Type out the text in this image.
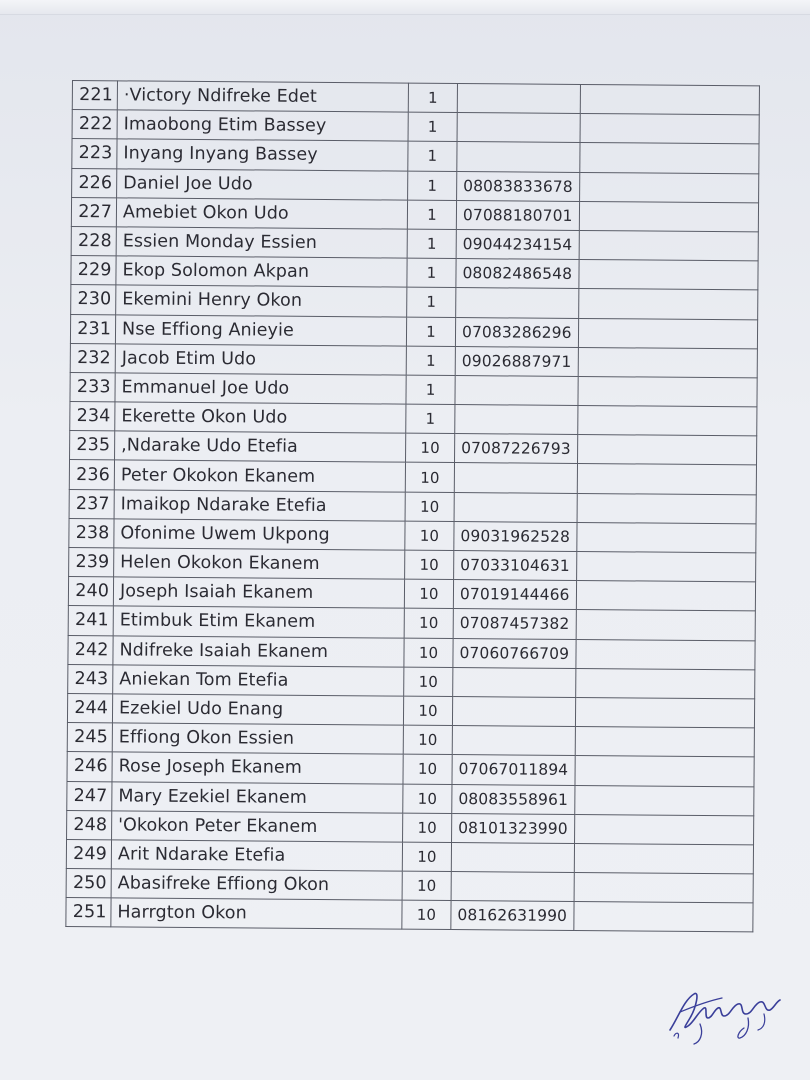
221	·Victory Ndifreke Edet	1		
222	Imaobong Etim Bassey	1		
223	Inyang Inyang Bassey	1		
226	Daniel Joe Udo	1	08083833678	
227	Amebiet Okon Udo	1	07088180701	
228	Essien Monday Essien	1	09044234154	
229	Ekop Solomon Akpan	1	08082486548	
230	Ekemini Henry Okon	1		
231	Nse Effiong Anieyie	1	07083286296	
232	Jacob Etim Udo	1	09026887971	
233	Emmanuel Joe Udo	1		
234	Ekerette Okon Udo	1		
235	,Ndarake Udo Etefia	10	07087226793	
236	Peter Okokon Ekanem	10		
237	Imaikop Ndarake Etefia	10		
238	Ofonime Uwem Ukpong	10	09031962528	
239	Helen Okokon Ekanem	10	07033104631	
240	Joseph Isaiah Ekanem	10	07019144466	
241	Etimbuk Etim Ekanem	10	07087457382	
242	Ndifreke Isaiah Ekanem	10	07060766709	
243	Aniekan Tom Etefia	10		
244	Ezekiel Udo Enang	10		
245	Effiong Okon Essien	10		
246	Rose Joseph Ekanem	10	07067011894	
247	Mary Ezekiel Ekanem	10	08083558961	
248	'Okokon Peter Ekanem	10	08101323990	
249	Arit Ndarake Etefia	10		
250	Abasifreke Effiong Okon	10		
251	Harrgton Okon	10	08162631990	
